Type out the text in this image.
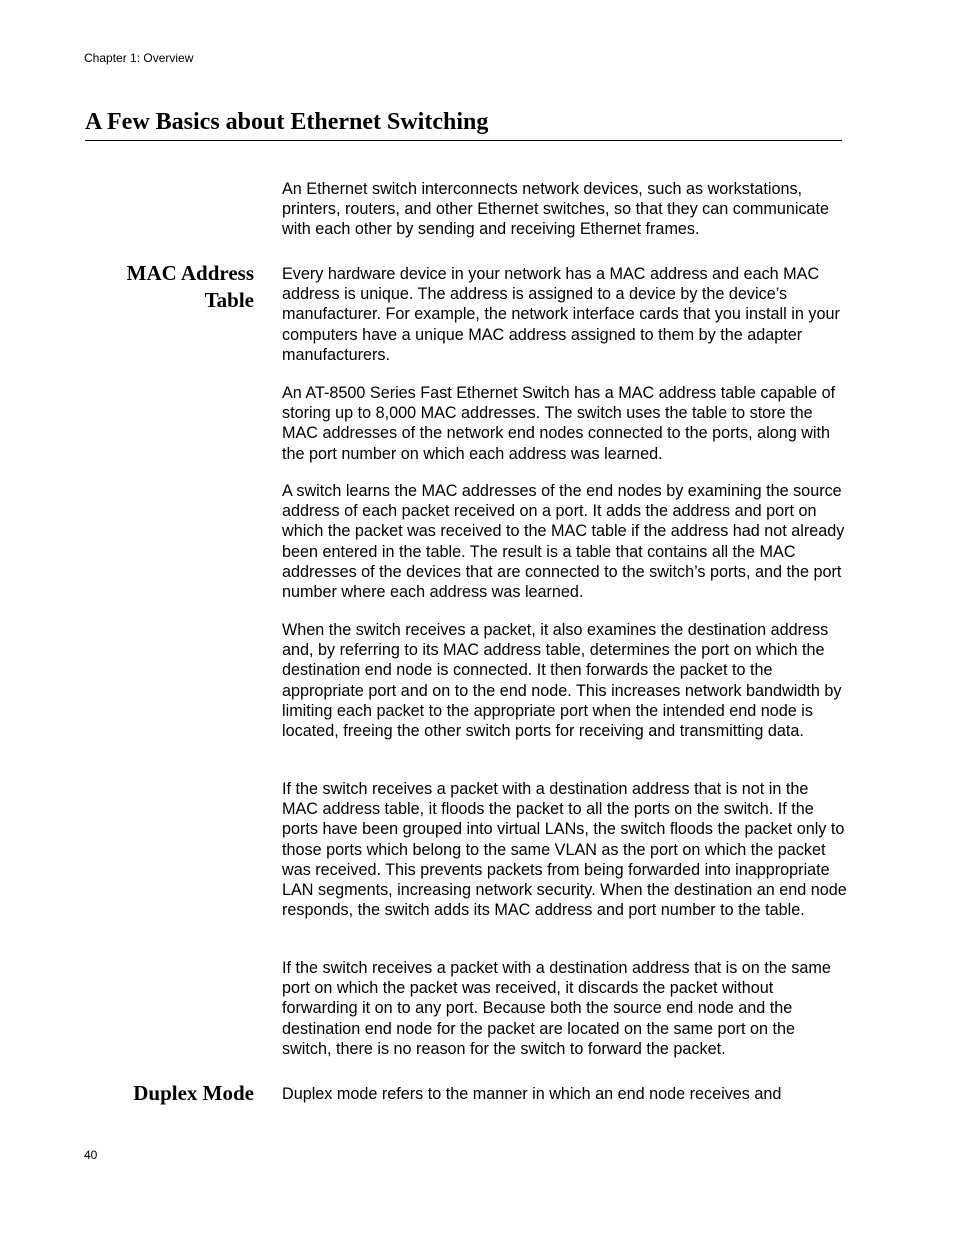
Chapter 1: Overview
A Few Basics about Ethernet Switching

An Ethernet switch interconnects network devices, such as workstations, printers, routers, and other Ethernet switches, so that they can communicate with each other by sending and receiving Ethernet frames.

MAC Address
Table

Every hardware device in your network has a MAC address and each MAC address is unique. The address is assigned to a device by the device’s manufacturer. For example, the network interface cards that you install in your computers have a unique MAC address assigned to them by the adapter manufacturers.

An AT-8500 Series Fast Ethernet Switch has a MAC address table capable of storing up to 8,000 MAC addresses. The switch uses the table to store the MAC addresses of the network end nodes connected to the ports, along with the port number on which each address was learned.

A switch learns the MAC addresses of the end nodes by examining the source address of each packet received on a port. It adds the address and port on which the packet was received to the MAC table if the address had not already been entered in the table. The result is a table that contains all the MAC addresses of the devices that are connected to the switch’s ports, and the port number where each address was learned.

When the switch receives a packet, it also examines the destination address and, by referring to its MAC address table, determines the port on which the destination end node is connected. It then forwards the packet to the appropriate port and on to the end node. This increases network bandwidth by limiting each packet to the appropriate port when the intended end node is located, freeing the other switch ports for receiving and transmitting data.

If the switch receives a packet with a destination address that is not in the MAC address table, it floods the packet to all the ports on the switch. If the ports have been grouped into virtual LANs, the switch floods the packet only to those ports which belong to the same VLAN as the port on which the packet was received. This prevents packets from being forwarded into inappropriate LAN segments, increasing network security. When the destination an end node responds, the switch adds its MAC address and port number to the table.

If the switch receives a packet with a destination address that is on the same port on which the packet was received, it discards the packet without forwarding it on to any port. Because both the source end node and the destination end node for the packet are located on the same port on the switch, there is no reason for the switch to forward the packet.

Duplex Mode Duplex mode refers to the manner in which an end node receives and

40
